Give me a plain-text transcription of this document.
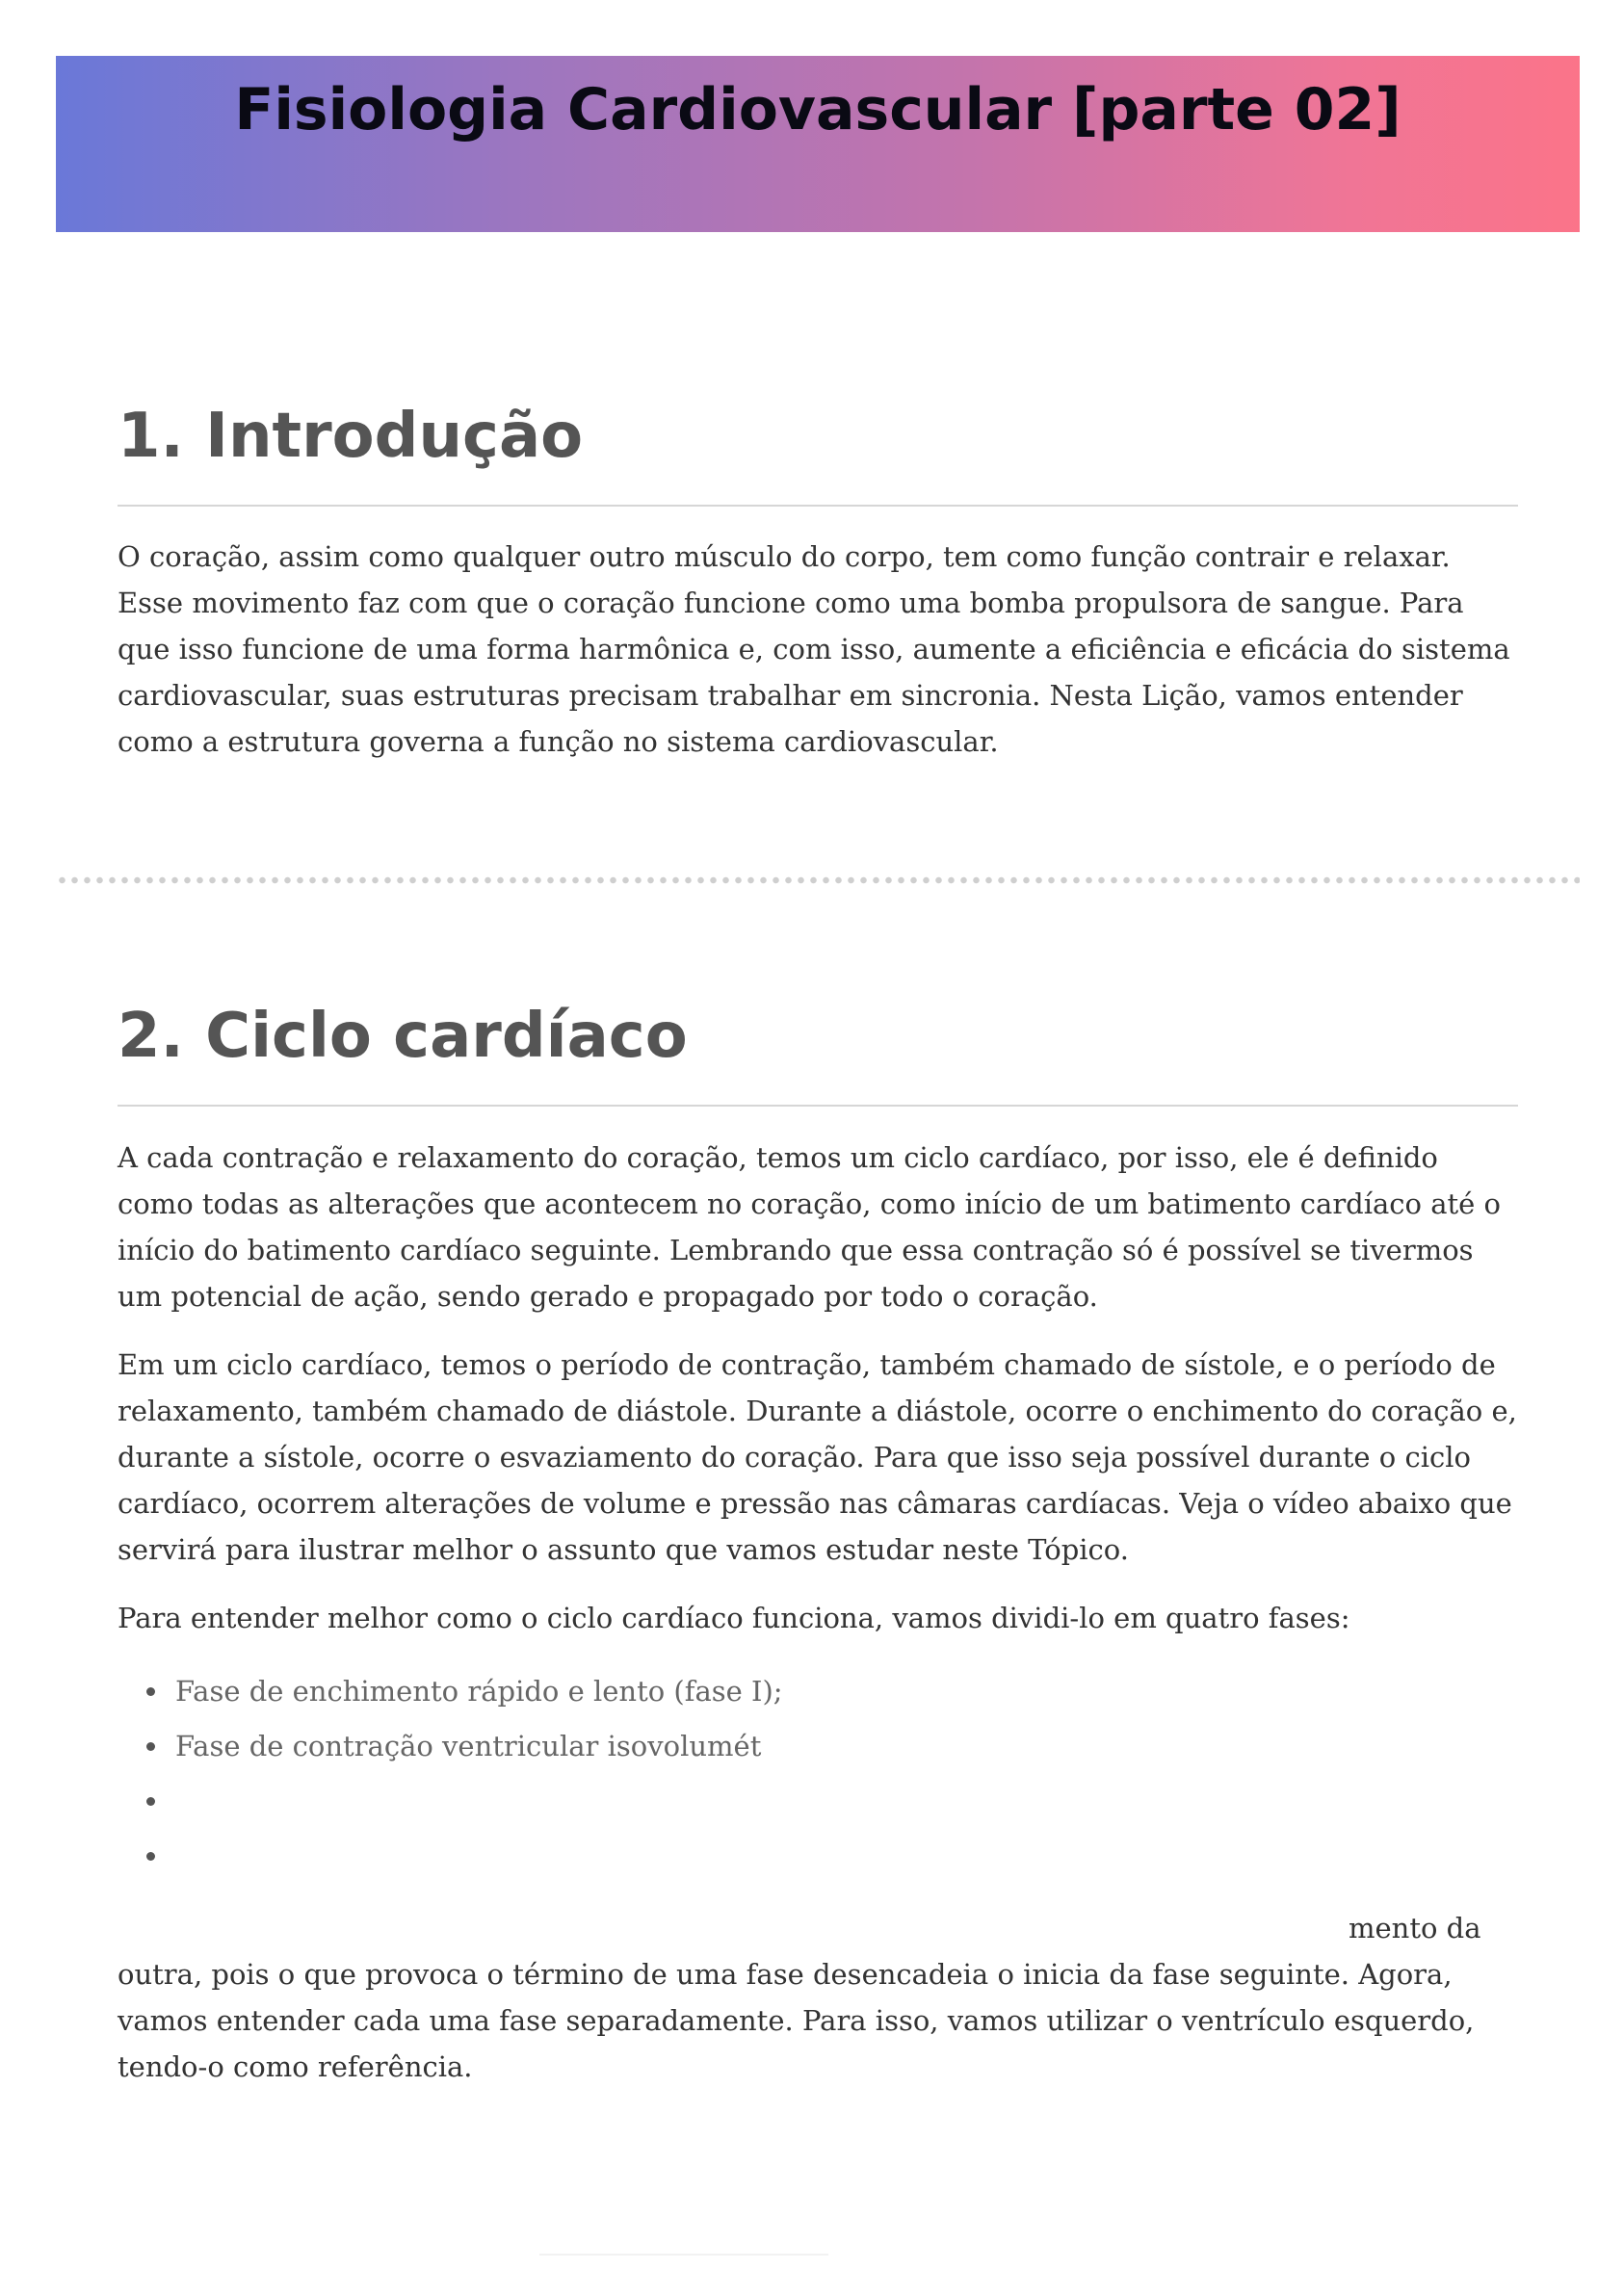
Fisiologia Cardiovascular [parte 02]
Fisiologia Humana
1. Introdução

O coração, assim como qualquer outro músculo do corpo, tem como função contrair e relaxar. Esse movimento faz com que o coração funcione como uma bomba propulsora de sangue. Para que isso funcione de uma forma harmônica e, com isso, aumente a eficiência e eficácia do sistema cardiovascular, suas estruturas precisam trabalhar em sincronia. Nesta Lição, vamos entender como a estrutura governa a função no sistema cardiovascular.

2. Ciclo cardíaco

A cada contração e relaxamento do coração, temos um ciclo cardíaco, por isso, ele é definido como todas as alterações que acontecem no coração, como início de um batimento cardíaco até o início do batimento cardíaco seguinte. Lembrando que essa contração só é possível se tivermos um potencial de ação, sendo gerado e propagado por todo o coração.

Em um ciclo cardíaco, temos o período de contração, também chamado de sístole, e o período de relaxamento, também chamado de diástole. Durante a diástole, ocorre o enchimento do coração e, durante a sístole, ocorre o esvaziamento do coração. Para que isso seja possível durante o ciclo cardíaco, ocorrem alterações de volume e pressão nas câmaras cardíacas. Veja o vídeo abaixo que servirá para ilustrar melhor o assunto que vamos estudar neste Tópico.

Para entender melhor como o ciclo cardíaco funciona, vamos dividi-lo em quatro fases:

Fase de enchimento rápido e lento (fase I);
Fase de contração ventricular isovolumét
mento da

outra, pois o que provoca o término de uma fase desencadeia o inicia da fase seguinte. Agora, vamos entender cada uma fase separadamente. Para isso, vamos utilizar o ventrículo esquerdo, tendo-o como referência.
